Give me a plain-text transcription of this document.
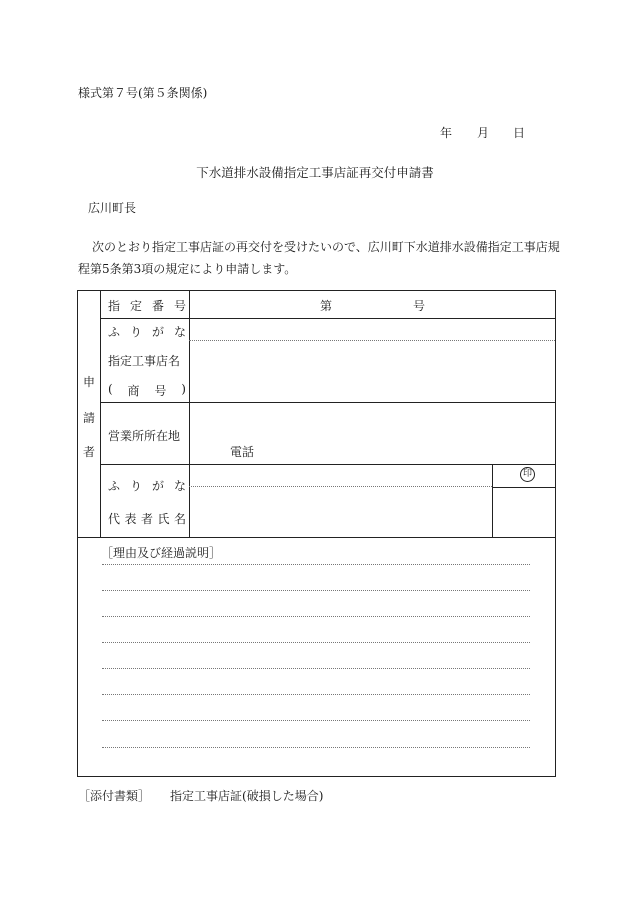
様式第７号(第５条関係)
年 月 日
下水道排水設備指定工事店証再交付申請書
広川町長

次のとおり指定工事店証の再交付を受けたいので、広川町下水道排水設備指定工事店規

程第5条第3項の規定により申請します。

申
請
者
指 定 番 号	第	号
ふ り が な
指定工事店名
( 商 号 )
営業所所在地
電話
ふ り が な
代 表 者 氏 名
印
［理由及び経過説明］
［添付書類］ 指定工事店証(破損した場合)
